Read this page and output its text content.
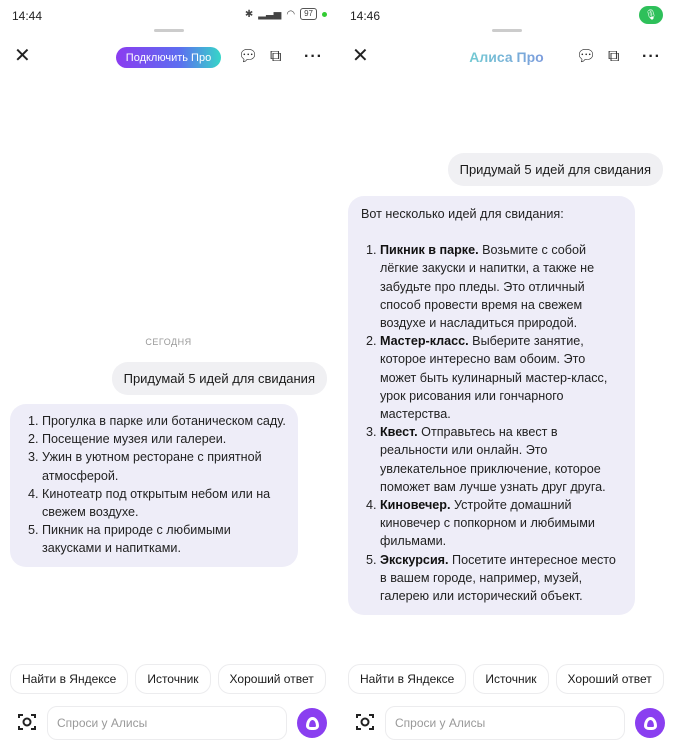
14:44	✱ ▂▃▅ ◠	97
✕	Подключить Про	💬︎ ⧉ ···
СЕГОДНЯ
Придумай 5 идей для свидания
1. Прогулка в парке или ботаническом саду.
2. Посещение музея или галереи.
3. Ужин в уютном ресторане с приятной атмосферой.
4. Кинотеатр под открытым небом или на свежем воздухе.
5. Пикник на природе с любимыми закусками и напитками.
Найти в Яндексе	Источник	Хороший ответ
Спроси у Алисы
14:46	🎙︎
✕	Алиса Про	💬︎ ⧉ ···
Придумай 5 идей для свидания
Вот несколько идей для свидания:
1. Пикник в парке. Возьмите с собой лёгкие закуски и напитки, а также не забудьте про пледы. Это отличный способ провести время на свежем воздухе и насладиться природой.
2. Мастер-класс. Выберите занятие, которое интересно вам обоим. Это может быть кулинарный мастер-класс, урок рисования или гончарного мастерства.
3. Квест. Отправьтесь на квест в реальности или онлайн. Это увлекательное приключение, которое поможет вам лучше узнать друг друга.
4. Киновечер. Устройте домашний киновечер с попкорном и любимыми фильмами.
5. Экскурсия. Посетите интересное место в вашем городе, например, музей, галерею или исторический объект.
Найти в Яндексе	Источник	Хороший ответ
Спроси у Алисы
